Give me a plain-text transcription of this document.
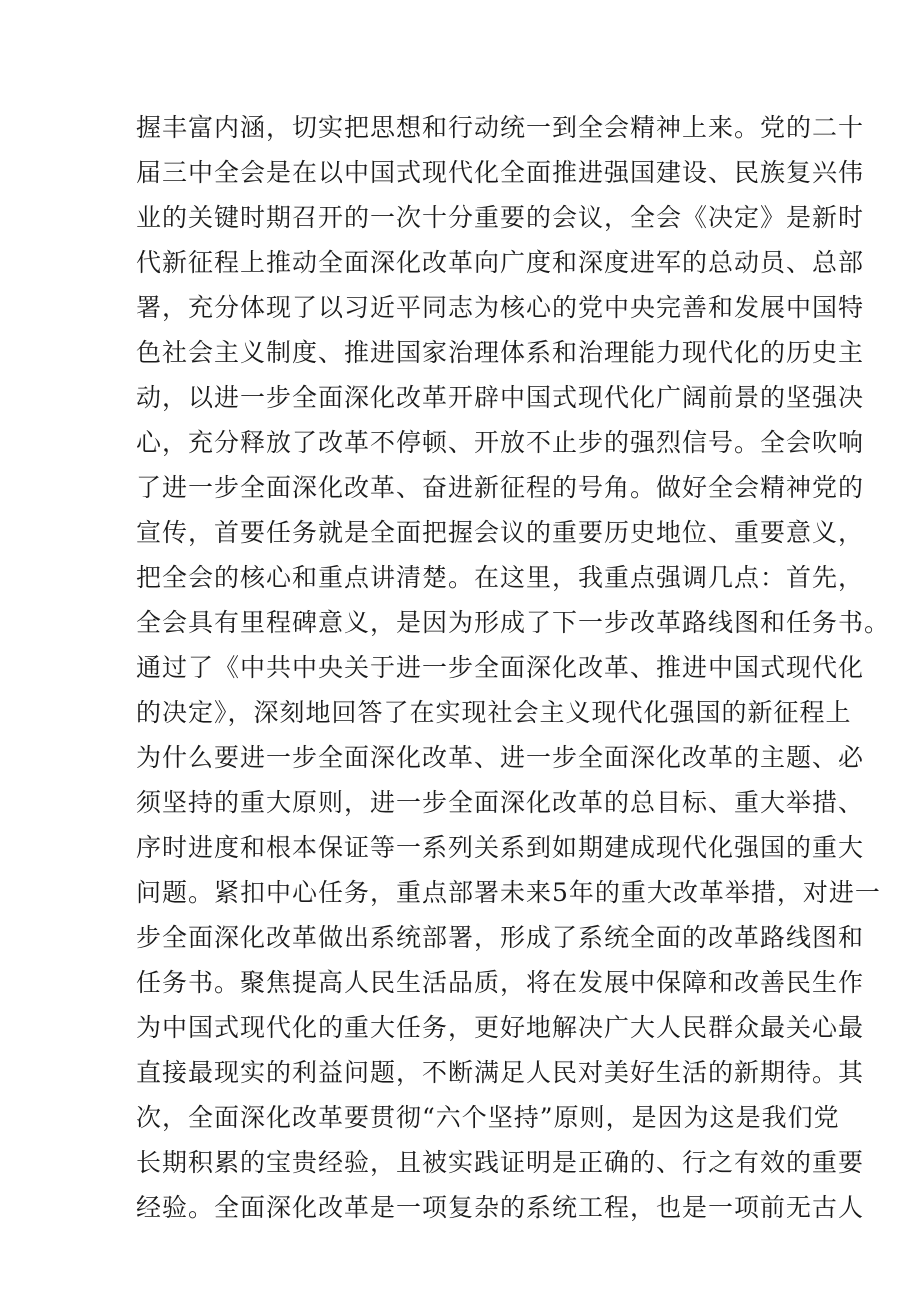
握丰富内涵，切实把思想和行动统一到全会精神上来。党的二十
届三中全会是在以中国式现代化全面推进强国建设、民族复兴伟
业的关键时期召开的一次十分重要的会议，全会《决定》是新时
代新征程上推动全面深化改革向广度和深度进军的总动员、总部
署，充分体现了以习近平同志为核心的党中央完善和发展中国特
色社会主义制度、推进国家治理体系和治理能力现代化的历史主
动，以进一步全面深化改革开辟中国式现代化广阔前景的坚强决
心，充分释放了改革不停顿、开放不止步的强烈信号。全会吹响
了进一步全面深化改革、奋进新征程的号角。做好全会精神党的
宣传，首要任务就是全面把握会议的重要历史地位、重要意义，
把全会的核心和重点讲清楚。在这里，我重点强调几点：首先，
全会具有里程碑意义，是因为形成了下一步改革路线图和任务书。
通过了《中共中央关于进一步全面深化改革、推进中国式现代化
的决定》，深刻地回答了在实现社会主义现代化强国的新征程上
为什么要进一步全面深化改革、进一步全面深化改革的主题、必
须坚持的重大原则，进一步全面深化改革的总目标、重大举措、
序时进度和根本保证等一系列关系到如期建成现代化强国的重大
问题。紧扣中心任务，重点部署未来5年的重大改革举措，对进一
步全面深化改革做出系统部署，形成了系统全面的改革路线图和
任务书。聚焦提高人民生活品质，将在发展中保障和改善民生作
为中国式现代化的重大任务，更好地解决广大人民群众最关心最
直接最现实的利益问题，不断满足人民对美好生活的新期待。其
次，全面深化改革要贯彻“六个坚持”原则，是因为这是我们党
长期积累的宝贵经验，且被实践证明是正确的、行之有效的重要
经验。全面深化改革是一项复杂的系统工程，也是一项前无古人
